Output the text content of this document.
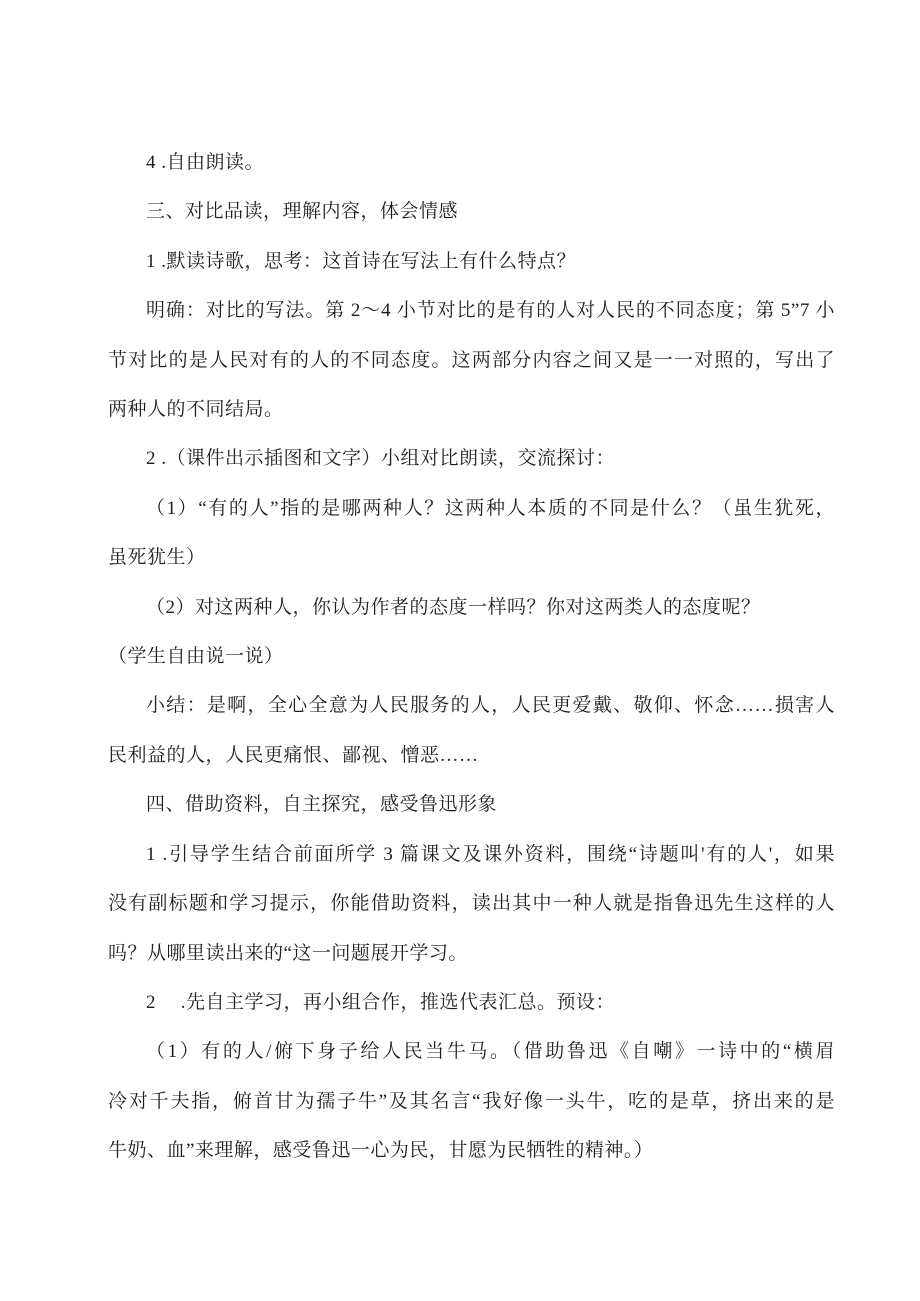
4 .自由朗读。
三、对比品读，理解内容，体会情感
1 .默读诗歌，思考：这首诗在写法上有什么特点？
明确：对比的写法。第 2～4 小节对比的是有的人对人民的不同态度；第 5”7 小
节对比的是人民对有的人的不同态度。这两部分内容之间又是一一对照的，写出了
两种人的不同结局。
2 .（课件出示插图和文字）小组对比朗读，交流探讨：
（1）“有的人”指的是哪两种人？这两种人本质的不同是什么？（虽生犹死，
虽死犹生）
（2）对这两种人，你认为作者的态度一样吗？你对这两类人的态度呢？
（学生自由说一说）
小结：是啊，全心全意为人民服务的人，人民更爱戴、敬仰、怀念……损害人
民利益的人，人民更痛恨、鄙视、憎恶……
四、借助资料，自主探究，感受鲁迅形象
1 .引导学生结合前面所学 3 篇课文及课外资料，围绕“诗题叫'有的人'，如果
没有副标题和学习提示，你能借助资料，读出其中一种人就是指鲁迅先生这样的人
吗？从哪里读出来的“这一问题展开学习。
2　 .先自主学习，再小组合作，推选代表汇总。预设：
（1）有的人/俯下身子给人民当牛马。（借助鲁迅《自嘲》一诗中的“横眉
冷对千夫指，俯首甘为孺子牛”及其名言“我好像一头牛，吃的是草，挤出来的是
牛奶、血”来理解，感受鲁迅一心为民，甘愿为民牺牲的精神。）
